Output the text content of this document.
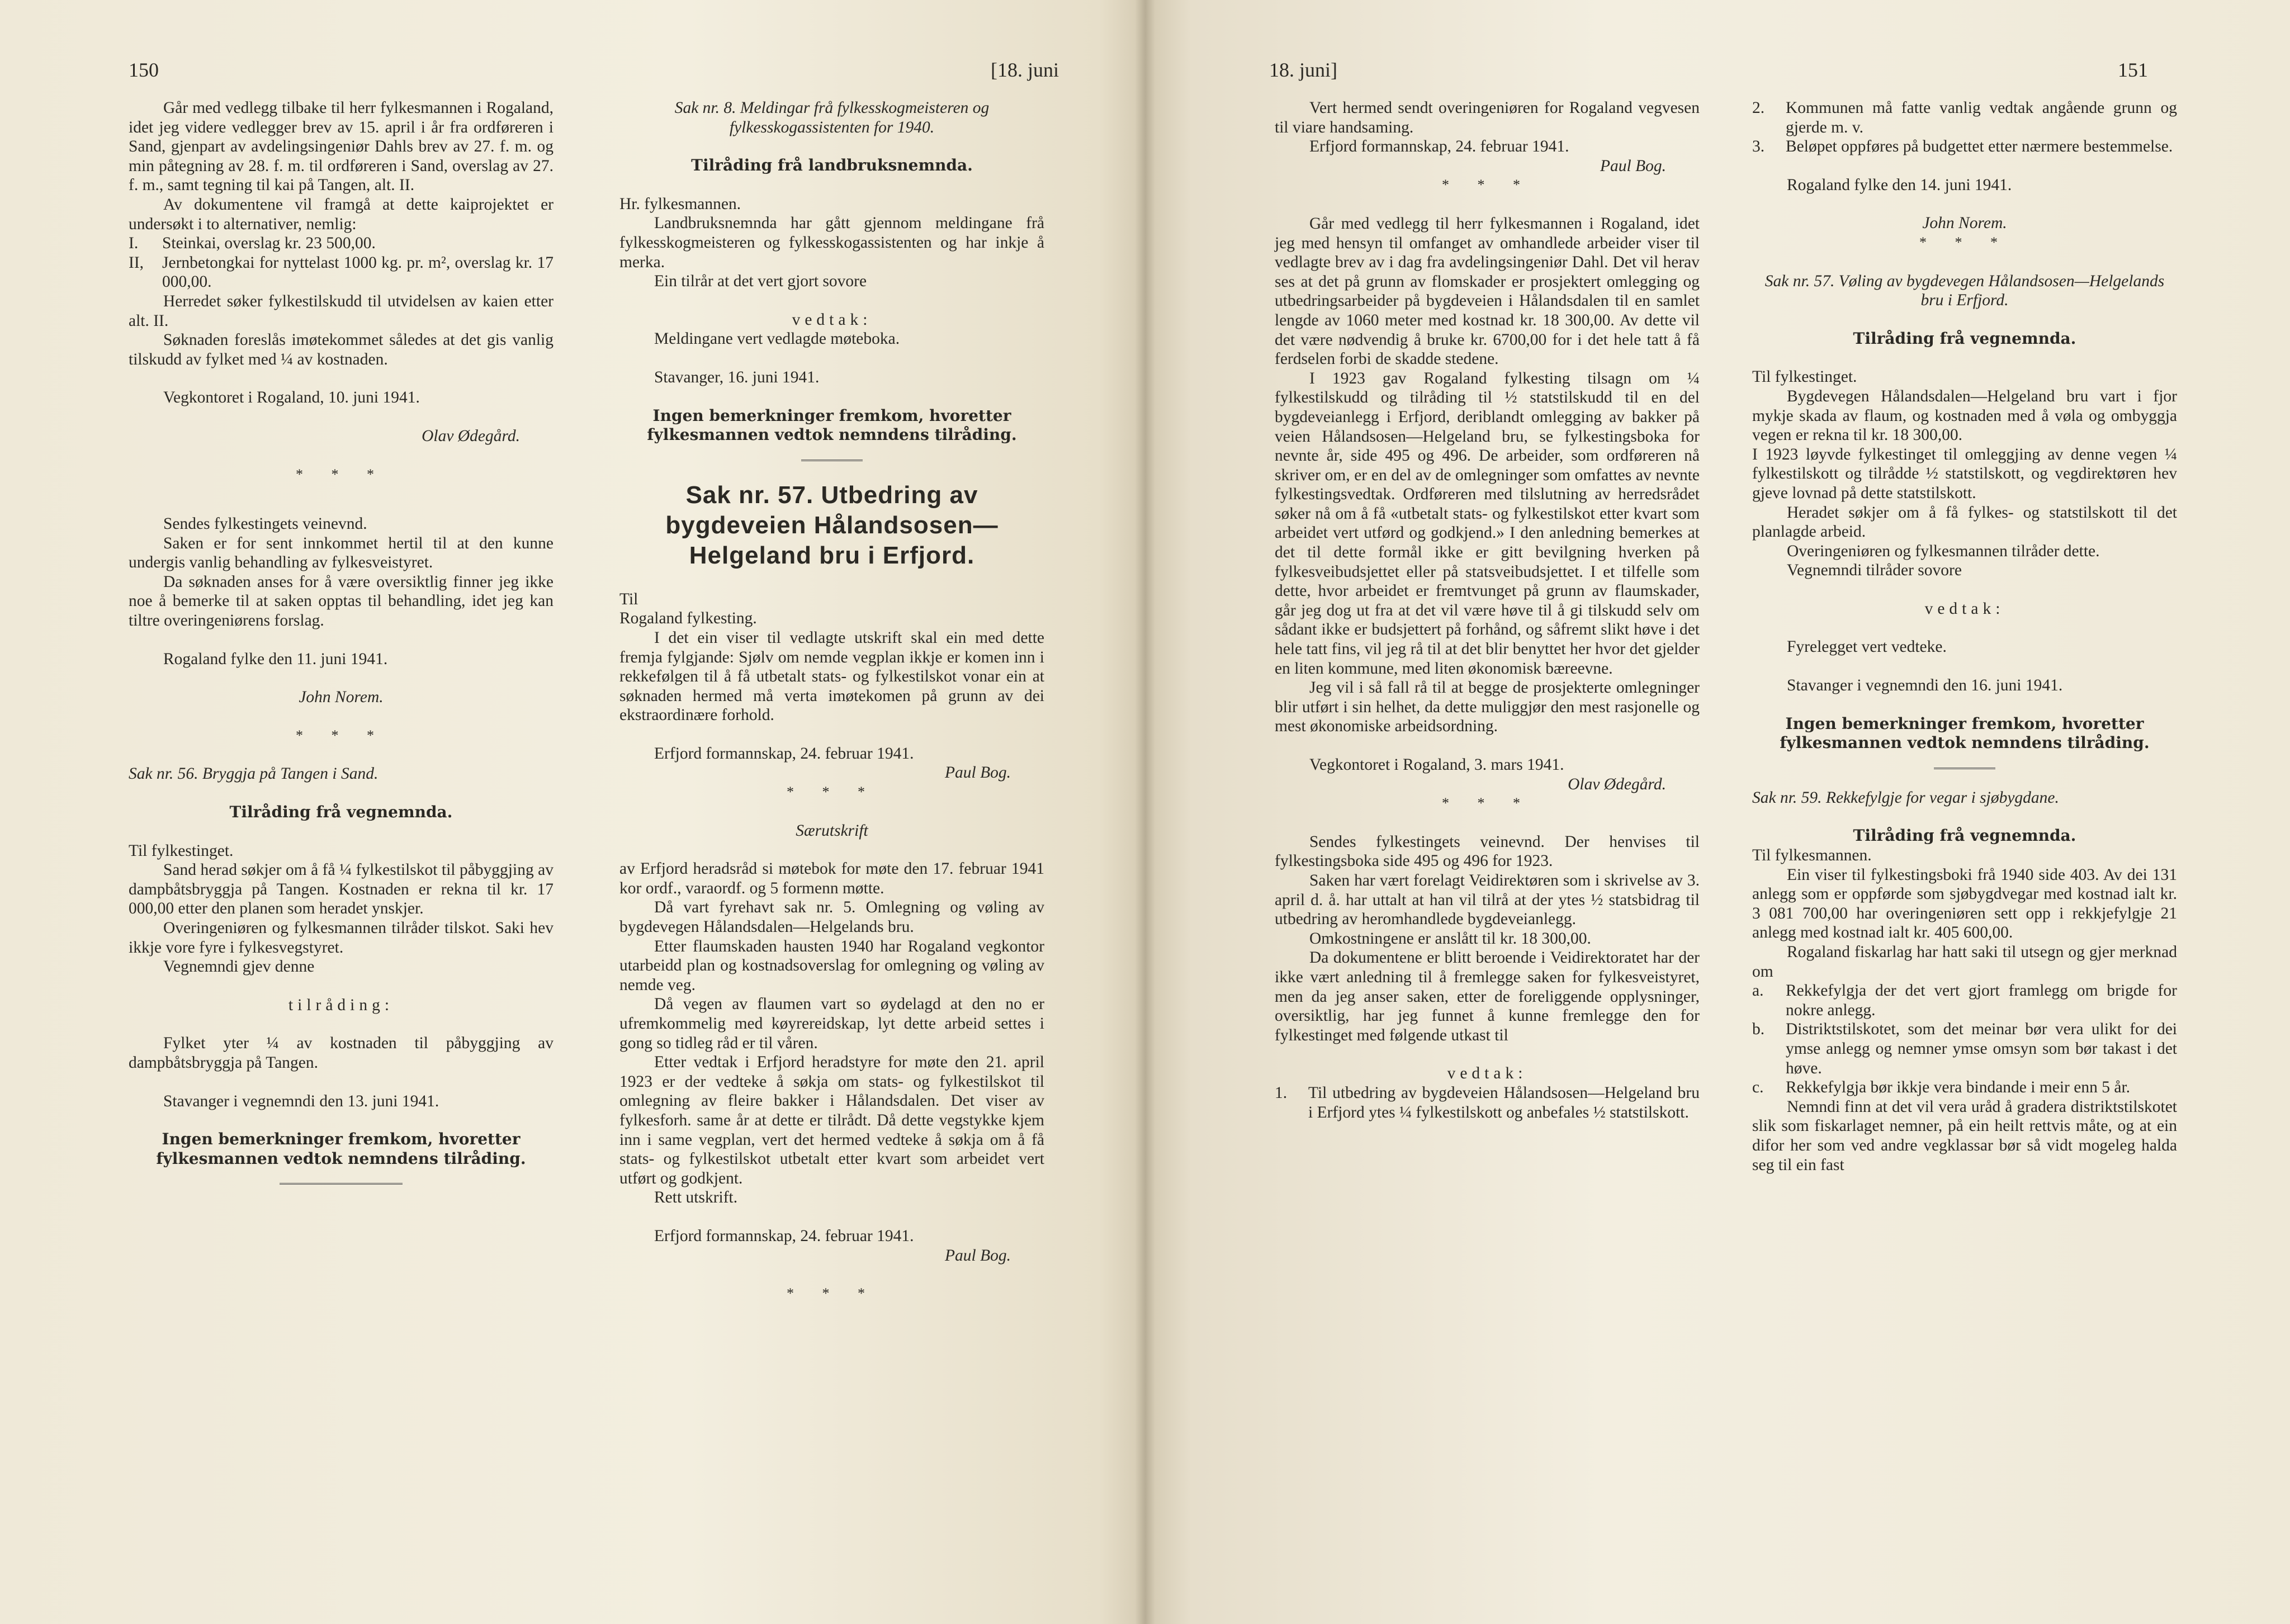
150	[18. juni

Går med vedlegg tilbake til herr fylkesmannen i Rogaland, idet jeg videre vedlegger brev av 15. april i år fra ordføreren i Sand, gjenpart av avdelingsingeniør Dahls brev av 27. f. m. og min påtegning av 28. f. m. til ordføreren i Sand, overslag av 27. f. m., samt tegning til kai på Tangen, alt. II.

Av dokumentene vil framgå at dette kaiprojektet er undersøkt i to alternativer, nemlig:

I.	Steinkai, overslag kr. 23 500,00.
II,	Jernbetongkai for nyttelast 1000 kg. pr. m², overslag kr. 17 000,00.

Herredet søker fylkestilskudd til utvidelsen av kaien etter alt. II.

Søknaden foreslås imøtekommet således at det gis vanlig tilskudd av fylket med ¼ av kostnaden.

Vegkontoret i Rogaland, 10. juni 1941.

Olav Ødegård.

* * *

Sendes fylkestingets veinevnd.

Saken er for sent innkommet hertil til at den kunne undergis vanlig behandling av fylkesveistyret.

Da søknaden anses for å være oversiktlig finner jeg ikke noe å bemerke til at saken opptas til behandling, idet jeg kan tiltre overingeniørens forslag.

Rogaland fylke den 11. juni 1941.

John Norem.

* * *

Sak nr. 56. Bryggja på Tangen i Sand.

Tilråding frå vegnemnda.

Til fylkestinget.

Sand herad søkjer om å få ¼ fylkestilskot til påbyggjing av dampbåtsbryggja på Tangen. Kostnaden er rekna til kr. 17 000,00 etter den planen som heradet ynskjer.

Overingeniøren og fylkesmannen tilråder tilskot. Saki hev ikkje vore fyre i fylkesvegstyret.

Vegnemndi gjev denne

tilråding:

Fylket yter ¼ av kostnaden til påbyggjing av dampbåtsbryggja på Tangen.

Stavanger i vegnemndi den 13. juni 1941.

Ingen bemerkninger fremkom, hvoretter fylkesmannen vedtok nemndens tilråding.

Sak nr. 8. Meldingar frå fylkesskogmeisteren og fylkesskogassistenten for 1940.

Tilråding frå landbruksnemnda.

Hr. fylkesmannen.

Landbruksnemnda har gått gjennom meldingane frå fylkesskogmeisteren og fylkesskogassistenten og har inkje å merka.

Ein tilrår at det vert gjort sovore

vedtak:

Meldingane vert vedlagde møteboka.

Stavanger, 16. juni 1941.

Ingen bemerkninger fremkom, hvoretter fylkesmannen vedtok nemndens tilråding.

Sak nr. 57. Utbedring av bygdeveien Hålandsosen—Helgeland bru i Erfjord.

Til

Rogaland fylkesting.

I det ein viser til vedlagte utskrift skal ein med dette fremja fylgjande: Sjølv om nemde vegplan ikkje er komen inn i rekkefølgen til å få utbetalt stats- og fylkestilskot vonar ein at søknaden hermed må verta imøtekomen på grunn av dei ekstraordinære forhold.

Erfjord formannskap, 24. februar 1941.

Paul Bog.

* * *

Særutskrift

av Erfjord heradsråd si møtebok for møte den 17. februar 1941 kor ordf., varaordf. og 5 formenn møtte.

Då vart fyrehavt sak nr. 5. Omlegning og vøling av bygdevegen Hålandsdalen—Helgelands bru.

Etter flaumskaden hausten 1940 har Rogaland vegkontor utarbeidd plan og kostnadsoverslag for omlegning og vøling av nemde veg.

Då vegen av flaumen vart so øydelagd at den no er ufremkommelig med køyrereidskap, lyt dette arbeid settes i gong so tidleg råd er til våren.

Etter vedtak i Erfjord heradstyre for møte den 21. april 1923 er der vedteke å søkja om stats- og fylkestilskot til omlegning av fleire bakker i Hålandsdalen. Det viser av fylkesforh. same år at dette er tilrådt. Då dette vegstykke kjem inn i same vegplan, vert det hermed vedteke å søkja om å få stats- og fylkestilskot utbetalt etter kvart som arbeidet vert utført og godkjent.

Rett utskrift.

Erfjord formannskap, 24. februar 1941.

Paul Bog.

* * *

18. juni]	151

Vert hermed sendt overingeniøren for Rogaland vegvesen til viare handsaming.

Erfjord formannskap, 24. februar 1941.

Paul Bog.

* * *

Går med vedlegg til herr fylkesmannen i Rogaland, idet jeg med hensyn til omfanget av omhandlede arbeider viser til vedlagte brev av i dag fra avdelingsingeniør Dahl. Det vil herav ses at det på grunn av flomskader er prosjektert omlegging og utbedringsarbeider på bygdeveien i Hålandsdalen til en samlet lengde av 1060 meter med kostnad kr. 18 300,00. Av dette vil det være nødvendig å bruke kr. 6700,00 for i det hele tatt å få ferdselen forbi de skadde stedene.

I 1923 gav Rogaland fylkesting tilsagn om ¼ fylkestilskudd og tilråding til ½ statstilskudd til en del bygdeveianlegg i Erfjord, deriblandt omlegging av bakker på veien Hålandsosen—Helgeland bru, se fylkestingsboka for nevnte år, side 495 og 496. De arbeider, som ordføreren nå skriver om, er en del av de omlegninger som omfattes av nevnte fylkestingsvedtak. Ordføreren med tilslutning av herredsrådet søker nå om å få «utbetalt stats- og fylkestilskot etter kvart som arbeidet vert utførd og godkjend.» I den anledning bemerkes at det til dette formål ikke er gitt bevilgning hverken på fylkesveibudsjettet eller på statsveibudsjettet. I et tilfelle som dette, hvor arbeidet er fremtvunget på grunn av flaumskader, går jeg dog ut fra at det vil være høve til å gi tilskudd selv om sådant ikke er budsjettert på forhånd, og såfremt slikt høve i det hele tatt fins, vil jeg rå til at det blir benyttet her hvor det gjelder en liten kommune, med liten økonomisk bæreevne.

Jeg vil i så fall rå til at begge de prosjekterte omlegninger blir utført i sin helhet, da dette muliggjør den mest rasjonelle og mest økonomiske arbeidsordning.

Vegkontoret i Rogaland, 3. mars 1941.

Olav Ødegård.

* * *

Sendes fylkestingets veinevnd. Der henvises til fylkestingsboka side 495 og 496 for 1923.

Saken har vært forelagt Veidirektøren som i skrivelse av 3. april d. å. har uttalt at han vil tilrå at der ytes ½ statsbidrag til utbedring av heromhandlede bygdeveianlegg.

Omkostningene er anslått til kr. 18 300,00.

Da dokumentene er blitt beroende i Veidirektoratet har der ikke vært anledning til å fremlegge saken for fylkesveistyret, men da jeg anser saken, etter de foreliggende opplysninger, oversiktlig, har jeg funnet å kunne fremlegge den for fylkestinget med følgende utkast til

vedtak:

1.	Til utbedring av bygdeveien Hålandsosen—Helgeland bru i Erfjord ytes ¼ fylkestilskott og anbefales ½ statstilskott.
2.	Kommunen må fatte vanlig vedtak angående grunn og gjerde m. v.
3.	Beløpet oppføres på budgettet etter nærmere bestemmelse.

Rogaland fylke den 14. juni 1941.

John Norem.

* * *

Sak nr. 57. Vøling av bygdevegen Hålandsosen—Helgelands bru i Erfjord.

Tilråding frå vegnemnda.

Til fylkestinget.

Bygdevegen Hålandsdalen—Helgeland bru vart i fjor mykje skada av flaum, og kostnaden med å vøla og ombyggja vegen er rekna til kr. 18 300,00.

I 1923 løyvde fylkestinget til omleggjing av denne vegen ¼ fylkestilskott og tilrådde ½ statstilskott, og vegdirektøren hev gjeve lovnad på dette statstilskott.

Heradet søkjer om å få fylkes- og statstilskott til det planlagde arbeid.

Overingeniøren og fylkesmannen tilråder dette.

Vegnemndi tilråder sovore

vedtak:

Fyrelegget vert vedteke.

Stavanger i vegnemndi den 16. juni 1941.

Ingen bemerkninger fremkom, hvoretter fylkesmannen vedtok nemndens tilråding.

Sak nr. 59. Rekkefylgje for vegar i sjøbygdane.

Tilråding frå vegnemnda.

Til fylkesmannen.

Ein viser til fylkestingsboki frå 1940 side 403. Av dei 131 anlegg som er oppførde som sjøbygdvegar med kostnad ialt kr. 3 081 700,00 har overingeniøren sett opp i rekkjefylgje 21 anlegg med kostnad ialt kr. 405 600,00.

Rogaland fiskarlag har hatt saki til utsegn og gjer merknad om

a.	Rekkefylgja der det vert gjort framlegg om brigde for nokre anlegg.
b.	Distriktstilskotet, som det meinar bør vera ulikt for dei ymse anlegg og nemner ymse omsyn som bør takast i det høve.
c.	Rekkefylgja bør ikkje vera bindande i meir enn 5 år.

Nemndi finn at det vil vera uråd å gradera distriktstilskotet slik som fiskarlaget nemner, på ein heilt rettvis måte, og at ein difor her som ved andre vegklassar bør så vidt mogeleg halda seg til ein fast
